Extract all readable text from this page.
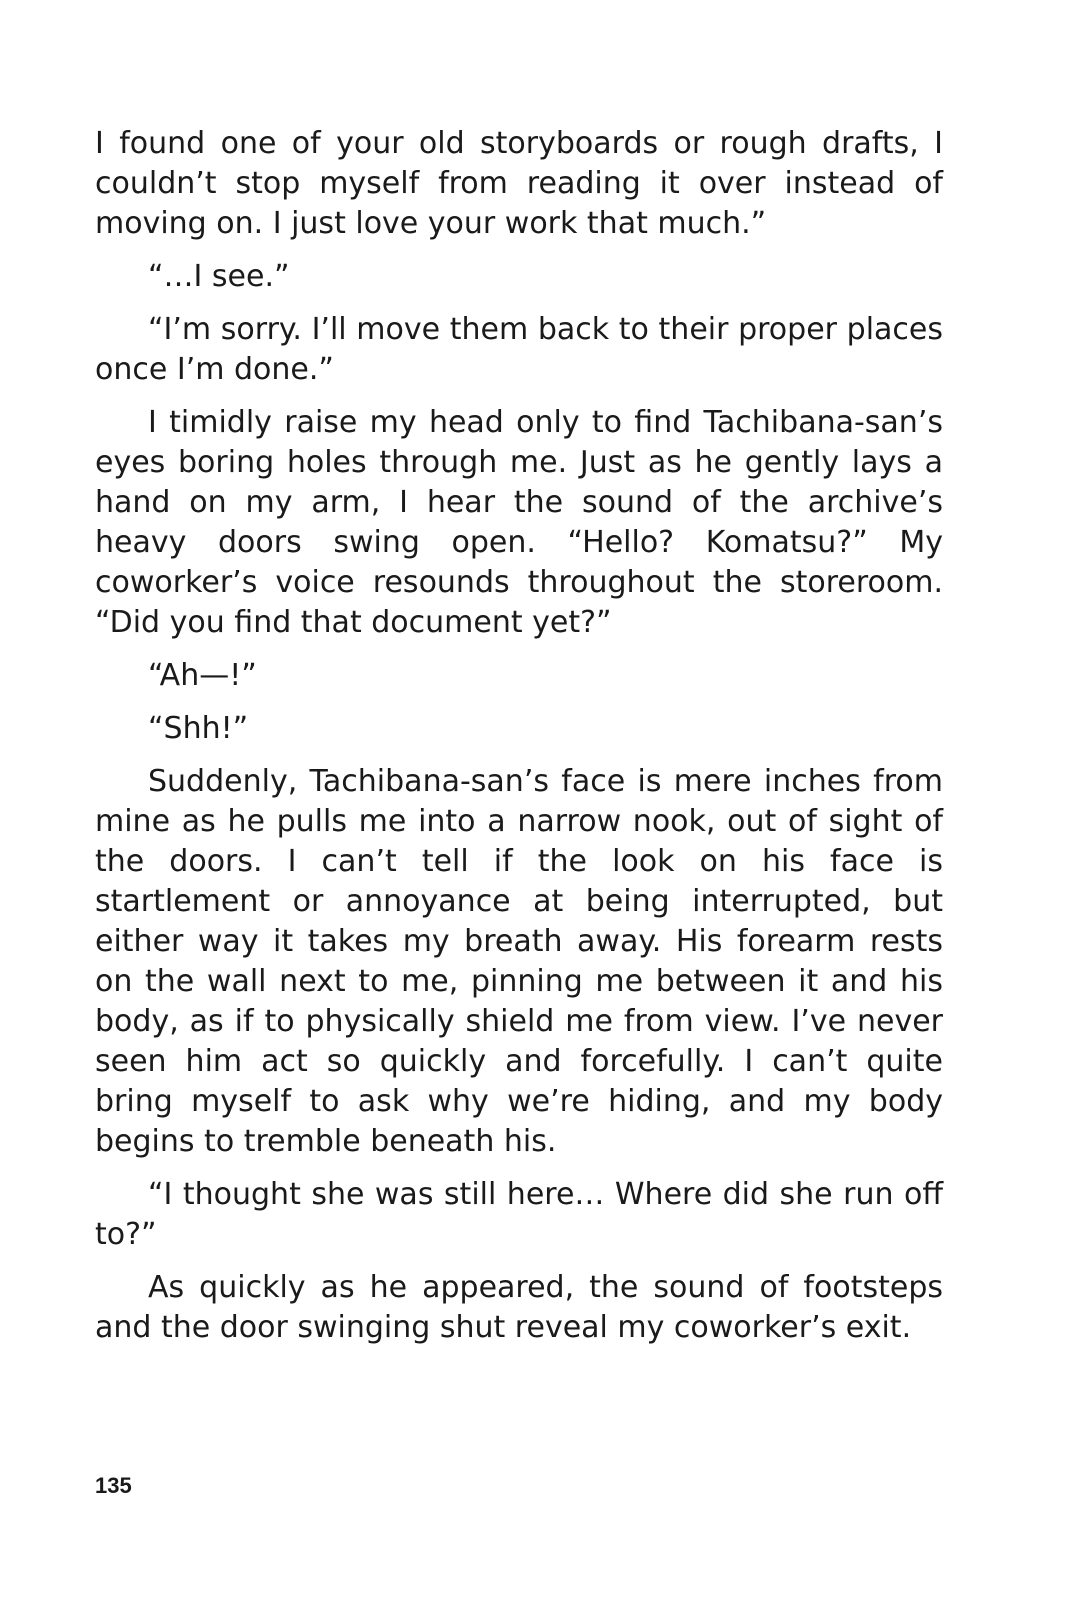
I found one of your old storyboards or rough drafts, I couldn’t stop myself from reading it over instead of moving on. I just love your work that much.”

“…I see.”

“I’m sorry. I’ll move them back to their proper places once I’m done.”

I timidly raise my head only to find Tachibana-san’s eyes boring holes through me. Just as he gently lays a hand on my arm, I hear the sound of the archive’s heavy doors swing open. “Hello? Komatsu?” My coworker’s voice resounds throughout the storeroom. “Did you find that document yet?”

“Ah—!”

“Shh!”

Suddenly, Tachibana-san’s face is mere inches from mine as he pulls me into a narrow nook, out of sight of the doors. I can’t tell if the look on his face is startlement or annoyance at being interrupted, but either way it takes my breath away. His forearm rests on the wall next to me, pinning me between it and his body, as if to physically shield me from view. I’ve never seen him act so quickly and forcefully. I can’t quite bring myself to ask why we’re hiding, and my body begins to tremble beneath his.

“I thought she was still here… Where did she run off to?”

As quickly as he appeared, the sound of footsteps and the door swinging shut reveal my coworker’s exit.

135
